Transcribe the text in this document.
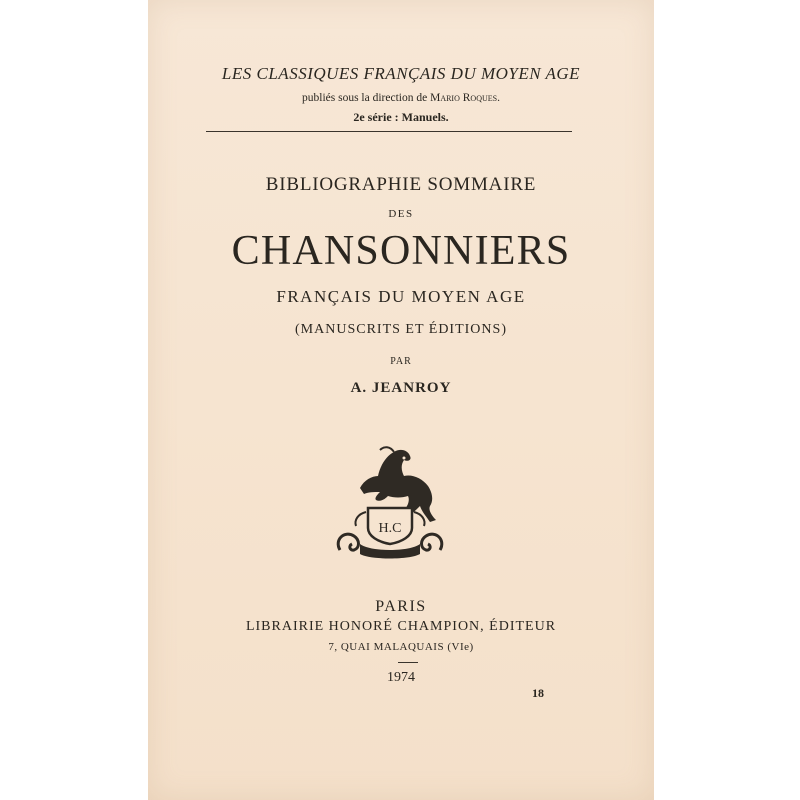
LES CLASSIQUES FRANÇAIS DU MOYEN AGE
publiés sous la direction de Mario Roques.
2e série : Manuels.
BIBLIOGRAPHIE SOMMAIRE
DES
CHANSONNIERS
FRANÇAIS DU MOYEN AGE
(MANUSCRITS ET ÉDITIONS)
PAR
A. JEANROY
H.C
PARIS
LIBRAIRIE HONORÉ CHAMPION, ÉDITEUR
7, QUAI MALAQUAIS (VIe)
1974
18
